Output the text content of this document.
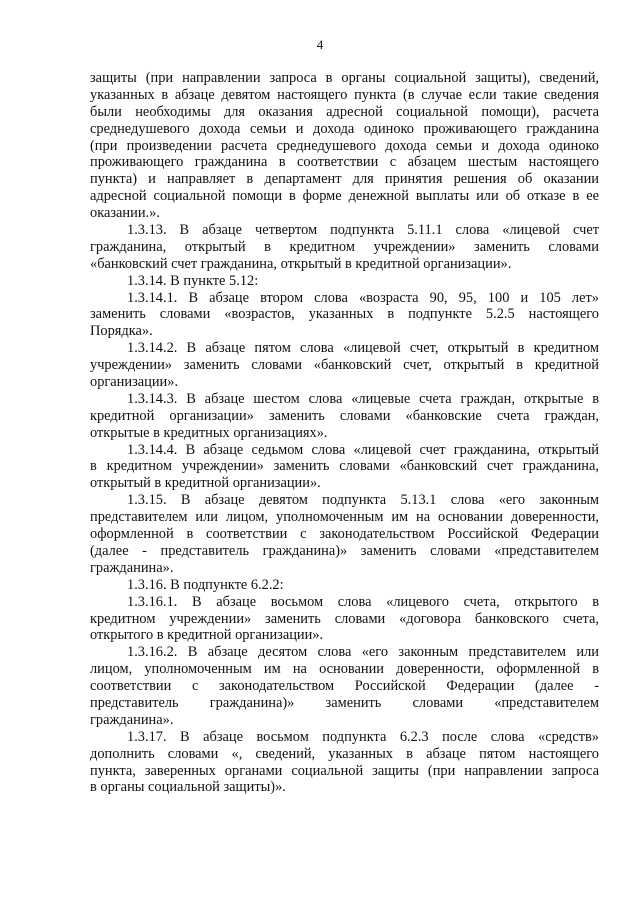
4
защиты (при направлении запроса в органы социальной защиты), сведений,
указанных в абзаце девятом настоящего пункта (в случае если такие сведения
были необходимы для оказания адресной социальной помощи), расчета
среднедушевого дохода семьи и дохода одиноко проживающего гражданина
(при произведении расчета среднедушевого дохода семьи и дохода одиноко
проживающего гражданина в соответствии с абзацем шестым настоящего
пункта) и направляет в департамент для принятия решения об оказании
адресной социальной помощи в форме денежной выплаты или об отказе в ее
оказании.».
1.3.13. В абзаце четвертом подпункта 5.11.1 слова «лицевой счет
гражданина, открытый в кредитном учреждении» заменить словами
«банковский счет гражданина, открытый в кредитной организации».
1.3.14. В пункте 5.12:
1.3.14.1. В абзаце втором слова «возраста 90, 95, 100 и 105 лет»
заменить словами «возрастов, указанных в подпункте 5.2.5 настоящего
Порядка».
1.3.14.2. В абзаце пятом слова «лицевой счет, открытый в кредитном
учреждении» заменить словами «банковский счет, открытый в кредитной
организации».
1.3.14.3. В абзаце шестом слова «лицевые счета граждан, открытые в
кредитной организации» заменить словами «банковские счета граждан,
открытые в кредитных организациях».
1.3.14.4. В абзаце седьмом слова «лицевой счет гражданина, открытый
в кредитном учреждении» заменить словами «банковский счет гражданина,
открытый в кредитной организации».
1.3.15. В абзаце девятом подпункта 5.13.1 слова «его законным
представителем или лицом, уполномоченным им на основании доверенности,
оформленной в соответствии с законодательством Российской Федерации
(далее - представитель гражданина)» заменить словами «представителем
гражданина».
1.3.16. В подпункте 6.2.2:
1.3.16.1. В абзаце восьмом слова «лицевого счета, открытого в
кредитном учреждении» заменить словами «договора банковского счета,
открытого в кредитной организации».
1.3.16.2. В абзаце десятом слова «его законным представителем или
лицом, уполномоченным им на основании доверенности, оформленной в
соответствии с законодательством Российской Федерации (далее -
представитель гражданина)» заменить словами «представителем
гражданина».
1.3.17. В абзаце восьмом подпункта 6.2.3 после слова «средств»
дополнить словами «, сведений, указанных в абзаце пятом настоящего
пункта, заверенных органами социальной защиты (при направлении запроса
в органы социальной защиты)».
